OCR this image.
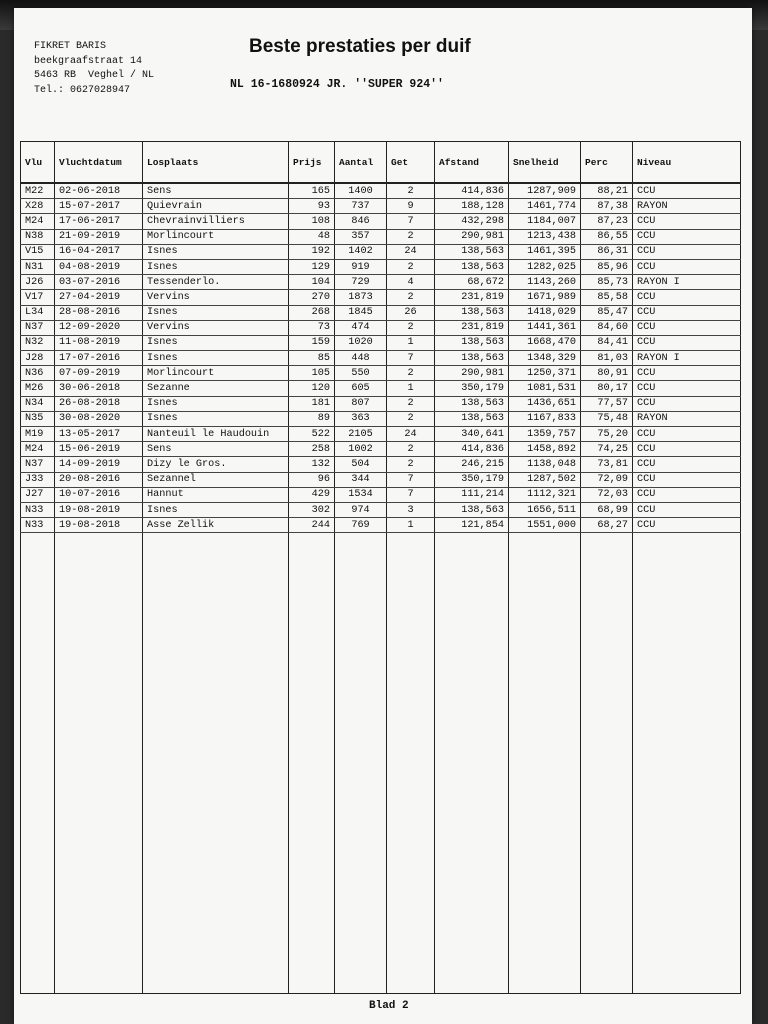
FIKRET BARIS
beekgraafstraat 14
5463 RB  Veghel / NL
Tel.: 0627028947
Beste prestaties per duif
NL 16-1680924 JR. ''SUPER 924''
Vlu	Vluchtdatum	Losplaats	Prijs	Aantal	Get	Afstand	Snelheid	Perc	Niveau
M22	02-06-2018	Sens	165	1400	2	414,836	1287,909	88,21	CCU
X28	15-07-2017	Quievrain	93	737	9	188,128	1461,774	87,38	RAYON
M24	17-06-2017	Chevrainvilliers	108	846	7	432,298	1184,007	87,23	CCU
N38	21-09-2019	Morlincourt	48	357	2	290,981	1213,438	86,55	CCU
V15	16-04-2017	Isnes	192	1402	24	138,563	1461,395	86,31	CCU
N31	04-08-2019	Isnes	129	919	2	138,563	1282,025	85,96	CCU
J26	03-07-2016	Tessenderlo.	104	729	4	68,672	1143,260	85,73	RAYON I
V17	27-04-2019	Vervins	270	1873	2	231,819	1671,989	85,58	CCU
L34	28-08-2016	Isnes	268	1845	26	138,563	1418,029	85,47	CCU
N37	12-09-2020	Vervins	73	474	2	231,819	1441,361	84,60	CCU
N32	11-08-2019	Isnes	159	1020	1	138,563	1668,470	84,41	CCU
J28	17-07-2016	Isnes	85	448	7	138,563	1348,329	81,03	RAYON I
N36	07-09-2019	Morlincourt	105	550	2	290,981	1250,371	80,91	CCU
M26	30-06-2018	Sezanne	120	605	1	350,179	1081,531	80,17	CCU
N34	26-08-2018	Isnes	181	807	2	138,563	1436,651	77,57	CCU
N35	30-08-2020	Isnes	89	363	2	138,563	1167,833	75,48	RAYON
M19	13-05-2017	Nanteuil le Haudouin	522	2105	24	340,641	1359,757	75,20	CCU
M24	15-06-2019	Sens	258	1002	2	414,836	1458,892	74,25	CCU
N37	14-09-2019	Dizy le Gros.	132	504	2	246,215	1138,048	73,81	CCU
J33	20-08-2016	Sezannel	96	344	7	350,179	1287,502	72,09	CCU
J27	10-07-2016	Hannut	429	1534	7	111,214	1112,321	72,03	CCU
N33	19-08-2019	Isnes	302	974	3	138,563	1656,511	68,99	CCU
N33	19-08-2018	Asse Zellik	244	769	1	121,854	1551,000	68,27	CCU

Blad 2
